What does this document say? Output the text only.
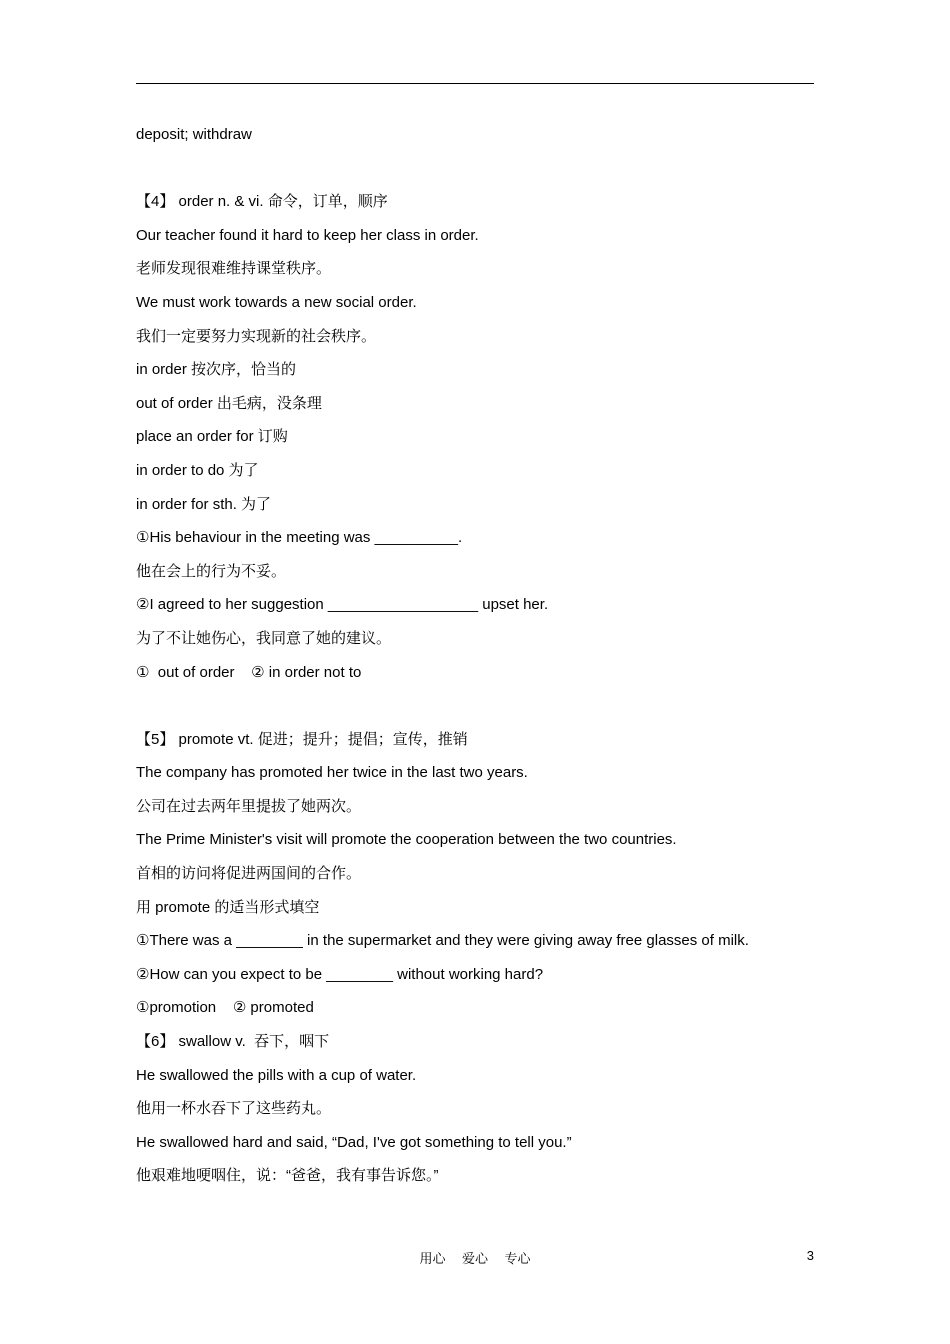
deposit; withdraw
【4】 order n. & vi. 命令，订单，顺序
Our teacher found it hard to keep her class in order.
老师发现很难维持课堂秩序。
We must work towards a new social order.
我们一定要努力实现新的社会秩序。
in order 按次序，恰当的
out of order 出毛病，没条理
place an order for 订购
in order to do 为了
in order for sth. 为了
①His behaviour in the meeting was __________.
他在会上的行为不妥。
②I agreed to her suggestion __________________ upset her.
为了不让她伤心，我同意了她的建议。
①  out of order    ② in order not to
【5】 promote vt. 促进；提升；提倡；宣传，推销
The company has promoted her twice in the last two years.
公司在过去两年里提拔了她两次。
The Prime Minister's visit will promote the cooperation between the two countries.
首相的访问将促进两国间的合作。
用 promote 的适当形式填空
①There was a ________ in the supermarket and they were giving away free glasses of milk.
②How can you expect to be ________ without working hard?
①promotion    ② promoted
【6】 swallow v.  吞下，咽下
He swallowed the pills with a cup of water.
他用一杯水吞下了这些药丸。
He swallowed hard and said, “Dad, I've got something to tell you.”
他艰难地哽咽住，说：“爸爸，我有事告诉您。”
用心    爱心    专心	3
